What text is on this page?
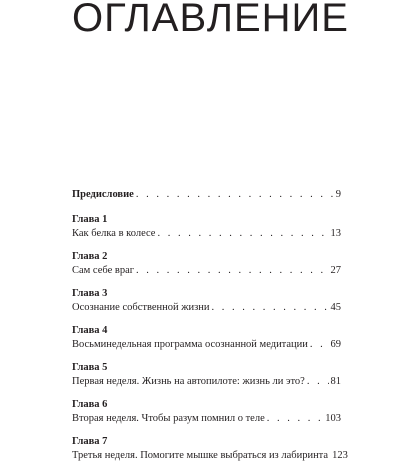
ОГЛАВЛЕНИЕ
Предисловие . . .	9
Глава 1
Как белка в колесе . . .	13
Глава 2
Сам себе враг . . .	27
Глава 3
Осознание собственной жизни . . .	45
Глава 4
Восьминедельная программа осознанной медитации . . . 69
Глава 5
Первая неделя. Жизнь на автопилоте: жизнь ли это? . . . 81
Глава 6
Вторая неделя. Чтобы разум помнил о теле . . .	103
Глава 7
Третья неделя. Помогите мышке выбраться из лабиринта 123
